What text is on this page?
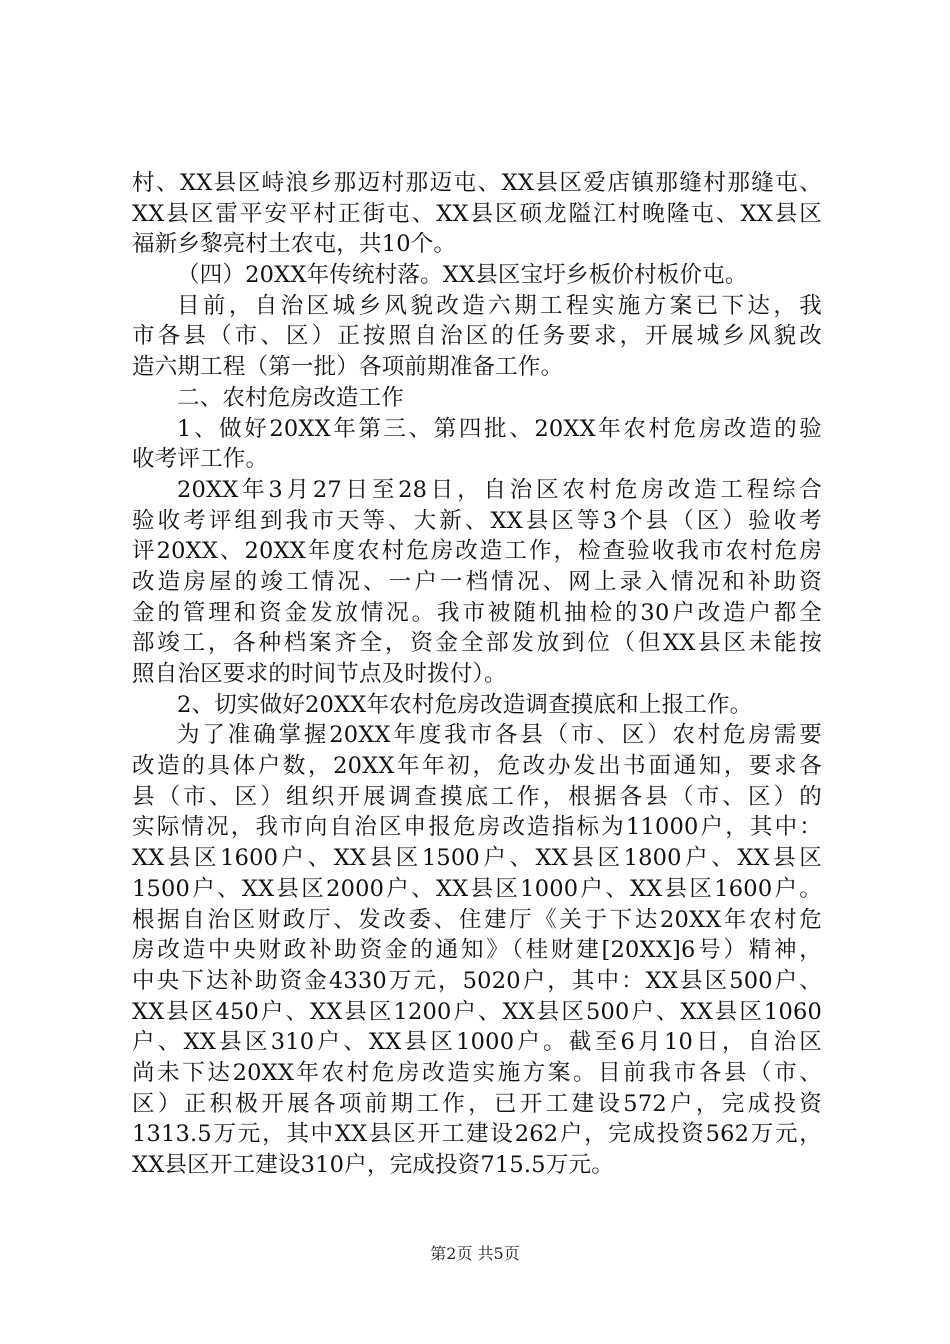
村、XX县区峙浪乡那迈村那迈屯、XX县区爱店镇那缝村那缝屯、
XX县区雷平安平村正街屯、XX县区硕龙隘江村晚隆屯、XX县区
福新乡黎亮村土农屯，共10个。
（四）20XX年传统村落。XX县区宝圩乡板价村板价屯。
目前，自治区城乡风貌改造六期工程实施方案已下达，我
市各县（市、区）正按照自治区的任务要求，开展城乡风貌改
造六期工程（第一批）各项前期准备工作。
二、农村危房改造工作
1、做好20XX年第三、第四批、20XX年农村危房改造的验
收考评工作。
20XX年3月27日至28日，自治区农村危房改造工程综合
验收考评组到我市天等、大新、XX县区等3个县（区）验收考
评20XX、20XX年度农村危房改造工作，检查验收我市农村危房
改造房屋的竣工情况、一户一档情况、网上录入情况和补助资
金的管理和资金发放情况。我市被随机抽检的30户改造户都全
部竣工，各种档案齐全，资金全部发放到位（但XX县区未能按
照自治区要求的时间节点及时拨付）。
2、切实做好20XX年农村危房改造调查摸底和上报工作。
为了准确掌握20XX年度我市各县（市、区）农村危房需要
改造的具体户数，20XX年年初，危改办发出书面通知，要求各
县（市、区）组织开展调查摸底工作，根据各县（市、区）的
实际情况，我市向自治区申报危房改造指标为11000户，其中：
XX县区1600户、XX县区1500户、XX县区1800户、XX县区
1500户、XX县区2000户、XX县区1000户、XX县区1600户。
根据自治区财政厅、发改委、住建厅《关于下达20XX年农村危
房改造中央财政补助资金的通知》（桂财建[20XX]6号）精神，
中央下达补助资金4330万元，5020户，其中：XX县区500户、
XX县区450户、XX县区1200户、XX县区500户、XX县区1060
户、XX县区310户、XX县区1000户。截至6月10日，自治区
尚未下达20XX年农村危房改造实施方案。目前我市各县（市、
区）正积极开展各项前期工作，已开工建设572户，完成投资
1313.5万元，其中XX县区开工建设262户，完成投资562万元，
XX县区开工建设310户，完成投资715.5万元。
第2页 共5页
